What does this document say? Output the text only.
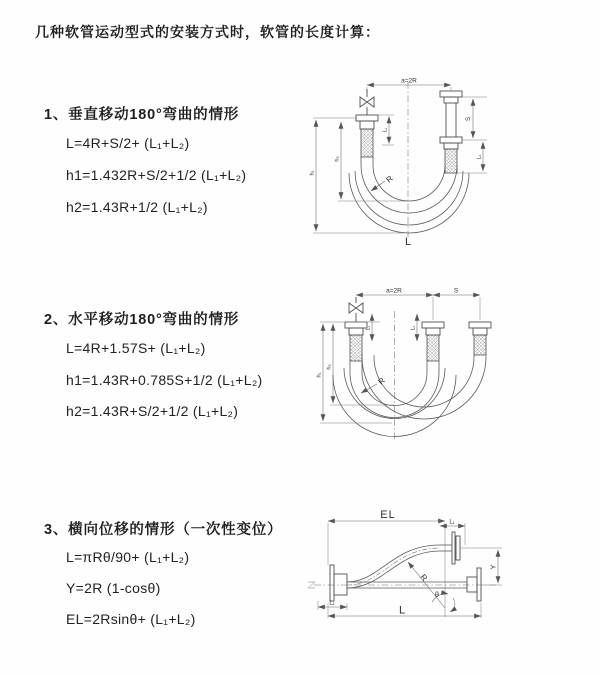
几种软管运动型式的安装方式时，软管的长度计算：
1、垂直移动180°弯曲的情形
L=4R+S/2+ (L₁+L₂)
h1=1.432R+S/2+1/2 (L₁+L₂)
h2=1.43R+1/2 (L₁+L₂)
2、水平移动180°弯曲的情形
L=4R+1.57S+ (L₁+L₂)
h1=1.43R+0.785S+1/2 (L₁+L₂)
h2=1.43R+S/2+1/2 (L₁+L₂)
3、横向位移的情形（一次性变位）
L=πRθ/90+ (L₁+L₂)
Y=2R (1-cosθ)
EL=2Rsinθ+ (L₁+L₂)
a=2R
R
h₁
h₂
L₁
S
L₂
L
a=2R	S
R
h₁
h₂
L₁	L₂
EL
L₁
Y
R
θ
L
L₁
